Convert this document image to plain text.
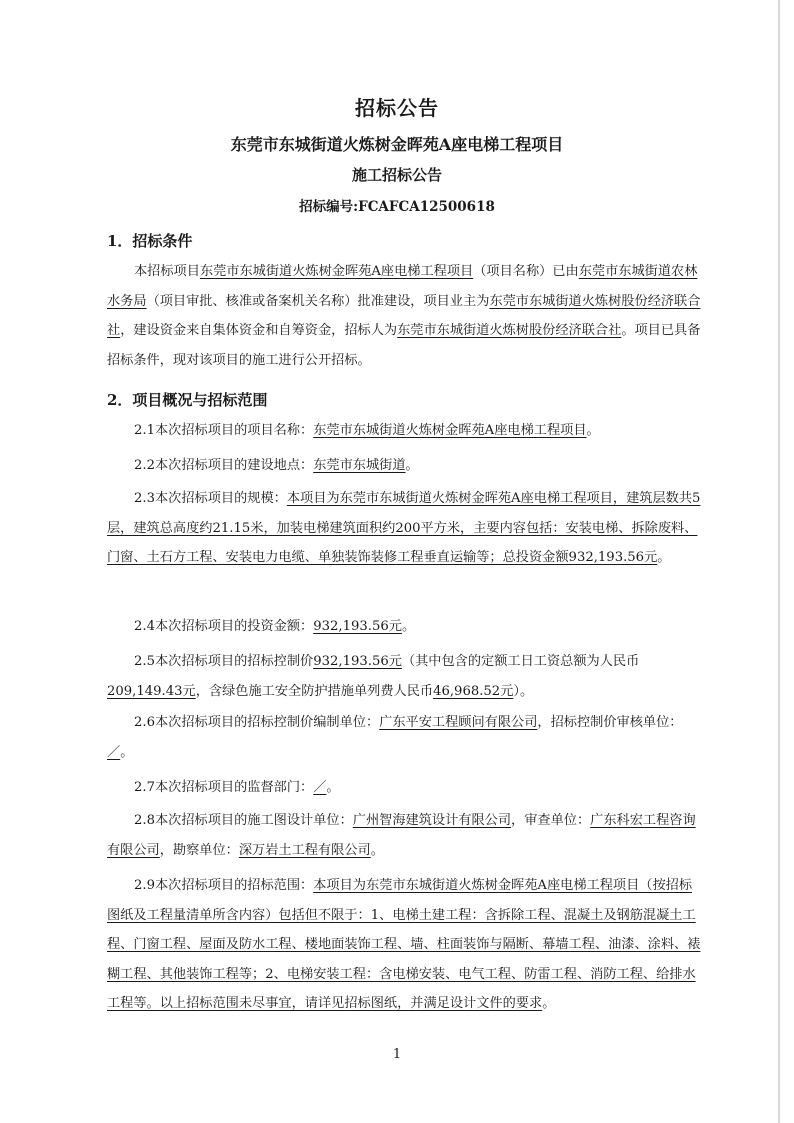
招标公告
东莞市东城街道火炼树金晖苑A座电梯工程项目
施工招标公告
招标编号:FCAFCA12500618
1．招标条件
本招标项目东莞市东城街道火炼树金晖苑A座电梯工程项目（项目名称）已由东莞市东城街道农林水务局（项目审批、核准或备案机关名称）批准建设，项目业主为东莞市东城街道火炼树股份经济联合社，建设资金来自集体资金和自筹资金，招标人为东莞市东城街道火炼树股份经济联合社。项目已具备招标条件，现对该项目的施工进行公开招标。
2．项目概况与招标范围
2.1本次招标项目的项目名称：东莞市东城街道火炼树金晖苑A座电梯工程项目。
2.2本次招标项目的建设地点：东莞市东城街道。
2.3本次招标项目的规模：本项目为东莞市东城街道火炼树金晖苑A座电梯工程项目，建筑层数共5层，建筑总高度约21.15米，加装电梯建筑面积约200平方米，主要内容包括：安装电梯、拆除废料、门窗、土石方工程、安装电力电缆、单独装饰装修工程垂直运输等；总投资金额932,193.56元。
2.4本次招标项目的投资金额：932,193.56元。
2.5本次招标项目的招标控制价932,193.56元（其中包含的定额工日工资总额为人民币209,149.43元，含绿色施工安全防护措施单列费人民币46,968.52元）。
2.6本次招标项目的招标控制价编制单位：广东平安工程顾问有限公司，招标控制价审核单位：／。
2.7本次招标项目的监督部门：／。
2.8本次招标项目的施工图设计单位：广州智海建筑设计有限公司，审查单位：广东科宏工程咨询有限公司，勘察单位：深万岩土工程有限公司。
2.9本次招标项目的招标范围：本项目为东莞市东城街道火炼树金晖苑A座电梯工程项目（按招标图纸及工程量清单所含内容）包括但不限于：1、电梯土建工程：含拆除工程、混凝土及钢筋混凝土工程、门窗工程、屋面及防水工程、楼地面装饰工程、墙、柱面装饰与隔断、幕墙工程、油漆、涂料、裱糊工程、其他装饰工程等；2、电梯安装工程：含电梯安装、电气工程、防雷工程、消防工程、给排水工程等。以上招标范围未尽事宜，请详见招标图纸，并满足设计文件的要求。
1
